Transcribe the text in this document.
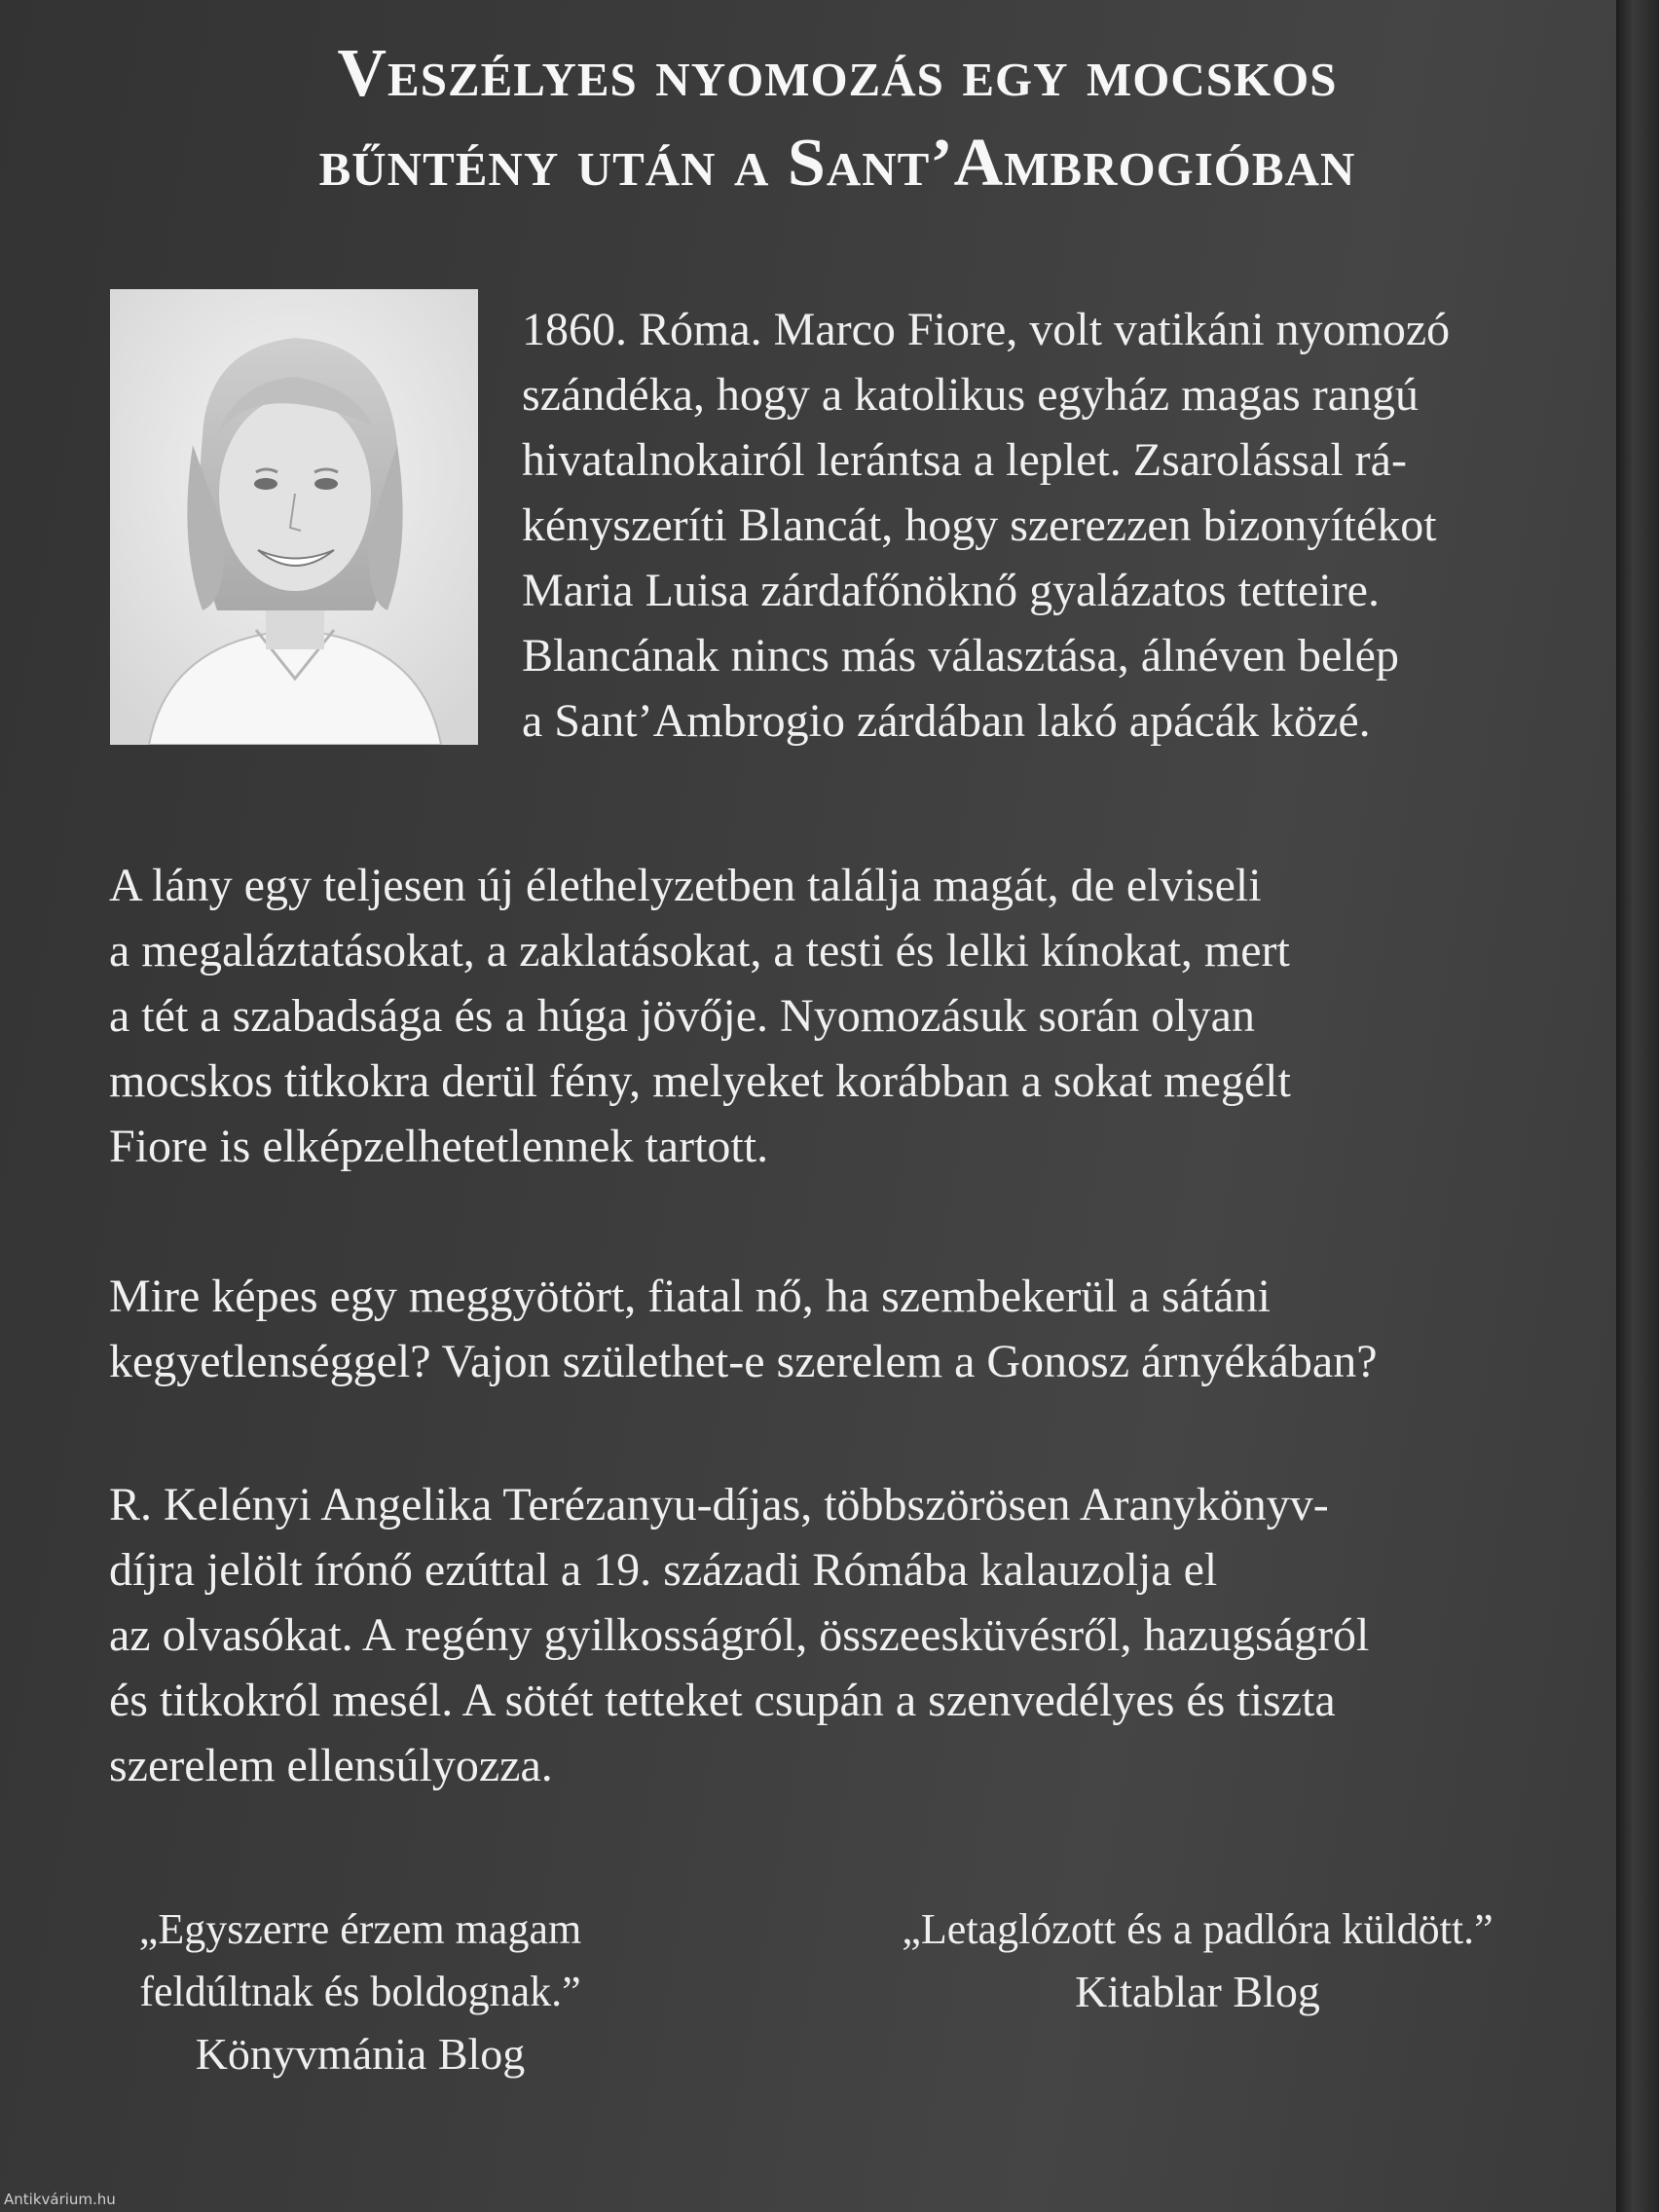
Veszélyes nyomozás egy mocskos
bűntény után a Sant’Ambrogióban
1860. Róma. Marco Fiore, volt vatikáni nyomozó
szándéka, hogy a katolikus egyház magas rangú
hivatalnokairól lerántsa a leplet. Zsarolással rá-
kényszeríti Blancát, hogy szerezzen bizonyítékot
Maria Luisa zárdafőnöknő gyalázatos tetteire.
Blancának nincs más választása, álnéven belép
a Sant’Ambrogio zárdában lakó apácák közé.
A lány egy teljesen új élethelyzetben találja magát, de elviseli
a megaláztatásokat, a zaklatásokat, a testi és lelki kínokat, mert
a tét a szabadsága és a húga jövője. Nyomozásuk során olyan
mocskos titkokra derül fény, melyeket korábban a sokat megélt
Fiore is elképzelhetetlennek tartott.
Mire képes egy meggyötört, fiatal nő, ha szembekerül a sátáni
kegyetlenséggel? Vajon születhet-e szerelem a Gonosz árnyékában?
R. Kelényi Angelika Terézanyu-díjas, többszörösen Aranykönyv-
díjra jelölt írónő ezúttal a 19. századi Rómába kalauzolja el
az olvasókat. A regény gyilkosságról, összeesküvésről, hazugságról
és titkokról mesél. A sötét tetteket csupán a szenvedélyes és tiszta
szerelem ellensúlyozza.
„Egyszerre érzem magam
feldúltnak és boldognak.”
Könyvmánia Blog
„Letaglózott és a padlóra küldött.”
Kitablar Blog
Antikvárium.hu
